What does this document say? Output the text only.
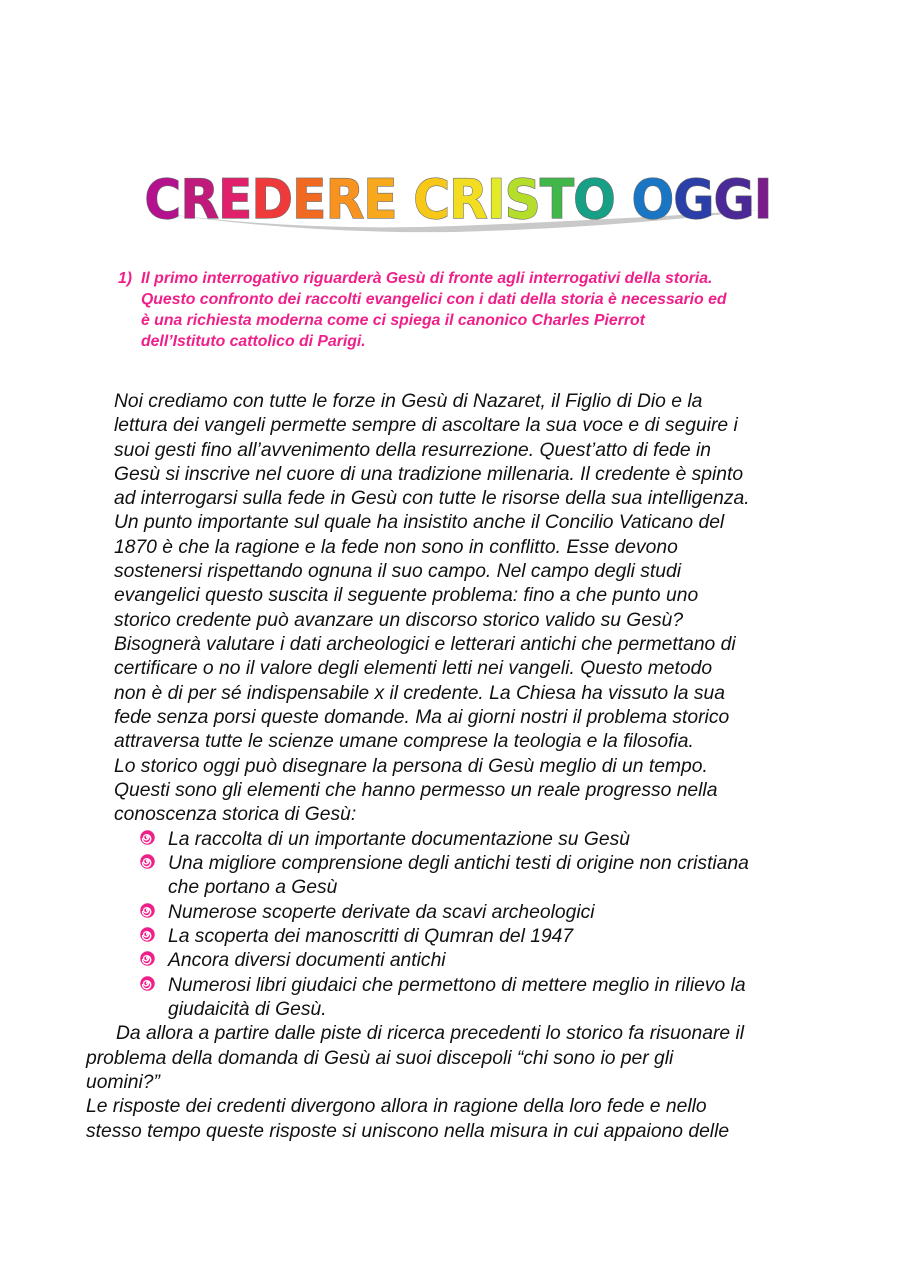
CREDERE CRISTO OGGI
1) Il primo interrogativo riguarderà Gesù di fronte agli interrogativi della storia.
Questo confronto dei raccolti evangelici con i dati della storia è necessario ed
è una richiesta moderna come ci spiega il canonico Charles Pierrot
dell’Istituto cattolico di Parigi.
Noi crediamo con tutte le forze in Gesù di Nazaret, il Figlio di Dio e la
lettura dei vangeli permette sempre di ascoltare la sua voce e di seguire i
suoi gesti fino all’avvenimento della resurrezione. Quest’atto di fede in
Gesù si inscrive nel cuore di una tradizione millenaria. Il credente è spinto
ad interrogarsi sulla fede in Gesù con tutte le risorse della sua intelligenza.
Un punto importante sul quale ha insistito anche il Concilio Vaticano del
1870 è che la ragione e la fede non sono in conflitto. Esse devono
sostenersi rispettando ognuna il suo campo. Nel campo degli studi
evangelici questo suscita il seguente problema: fino a che punto uno
storico credente può avanzare un discorso storico valido su Gesù?
Bisognerà valutare i dati archeologici e letterari antichi che permettano di
certificare o no il valore degli elementi letti nei vangeli. Questo metodo
non è di per sé indispensabile x il credente. La Chiesa ha vissuto la sua
fede senza porsi queste domande. Ma ai giorni nostri il problema storico
attraversa tutte le scienze umane comprese la teologia e la filosofia.
Lo storico oggi può disegnare la persona di Gesù meglio di un tempo.
Questi sono gli elementi che hanno permesso un reale progresso nella
conoscenza storica di Gesù:
La raccolta di un importante documentazione su Gesù
Una migliore comprensione degli antichi testi di origine non cristiana
che portano a Gesù
Numerose scoperte derivate da scavi archeologici
La scoperta dei manoscritti di Qumran del 1947
Ancora diversi documenti antichi
Numerosi libri giudaici che permettono di mettere meglio in rilievo la
giudaicità di Gesù.
Da allora a partire dalle piste di ricerca precedenti lo storico fa risuonare il
problema della domanda di Gesù ai suoi discepoli “chi sono io per gli
uomini?”
Le risposte dei credenti divergono allora in ragione della loro fede e nello
stesso tempo queste risposte si uniscono nella misura in cui appaiono delle
